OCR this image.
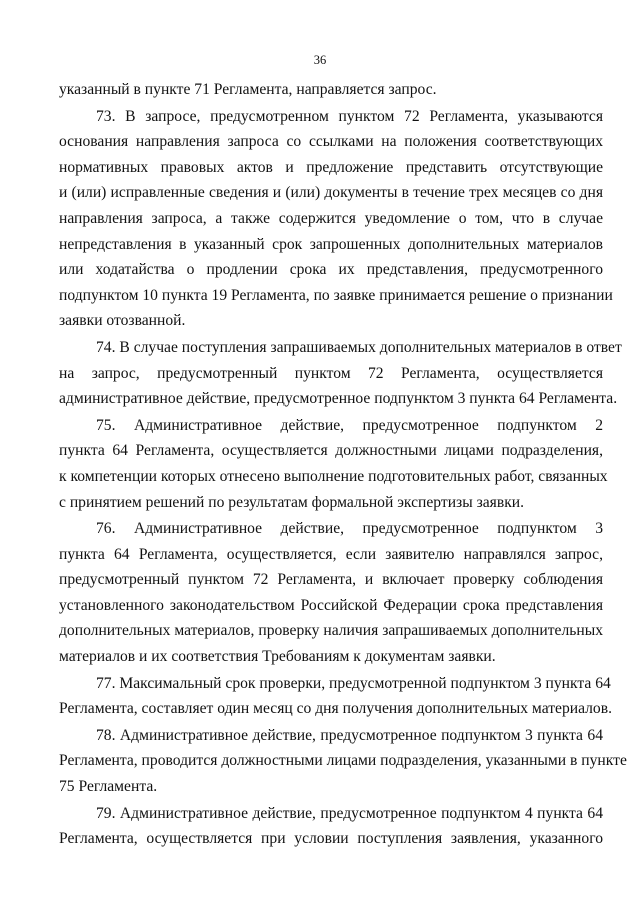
36
указанный в пункте 71 Регламента, направляется запрос.
73. В запросе, предусмотренном пунктом 72 Регламента, указываются
основания направления запроса со ссылками на положения соответствующих
нормативных правовых актов и предложение представить отсутствующие
и (или) исправленные сведения и (или) документы в течение трех месяцев со дня
направления запроса, а также содержится уведомление о том, что в случае
непредставления в указанный срок запрошенных дополнительных материалов
или ходатайства о продлении срока их представления, предусмотренного
подпунктом 10 пункта 19 Регламента, по заявке принимается решение о признании
заявки отозванной.
74. В случае поступления запрашиваемых дополнительных материалов в ответ
на запрос, предусмотренный пунктом 72 Регламента, осуществляется
административное действие, предусмотренное подпунктом 3 пункта 64 Регламента.
75. Административное действие, предусмотренное подпунктом 2
пункта 64 Регламента, осуществляется должностными лицами подразделения,
к компетенции которых отнесено выполнение подготовительных работ, связанных
с принятием решений по результатам формальной экспертизы заявки.
76. Административное действие, предусмотренное подпунктом 3
пункта 64 Регламента, осуществляется, если заявителю направлялся запрос,
предусмотренный пунктом 72 Регламента, и включает проверку соблюдения
установленного законодательством Российской Федерации срока представления
дополнительных материалов, проверку наличия запрашиваемых дополнительных
материалов и их соответствия Требованиям к документам заявки.
77. Максимальный срок проверки, предусмотренной подпунктом 3 пункта 64
Регламента, составляет один месяц со дня получения дополнительных материалов.
78. Административное действие, предусмотренное подпунктом 3 пункта 64
Регламента, проводится должностными лицами подразделения, указанными в пункте
75 Регламента.
79. Административное действие, предусмотренное подпунктом 4 пункта 64
Регламента, осуществляется при условии поступления заявления, указанного
